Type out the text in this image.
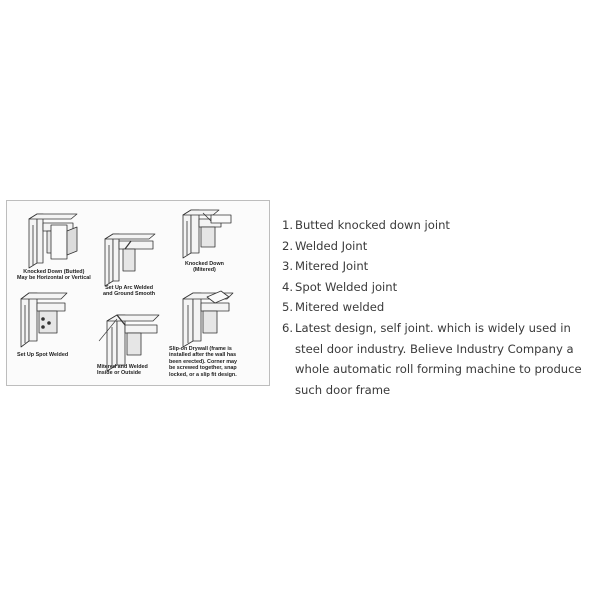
Knocked Down (Butted)
May be Horizontal or Vertical
Set Up Arc Welded
and Ground Smooth
Knocked Down
(Mitered)
Set Up Spot Welded
Mitered and Welded
Inside or Outside
Slip-on Drywall (frame is
installed after the wall has
been erected). Corner may
be screwed together, snap
locked, or a slip fit design.
1. Butted knocked down joint
2. Welded Joint
3. Mitered Joint
4. Spot Welded joint
5. Mitered welded
6. Latest design, self joint. which is widely used in steel door industry. Believe Industry Company a whole automatic roll forming machine to produce such door frame
